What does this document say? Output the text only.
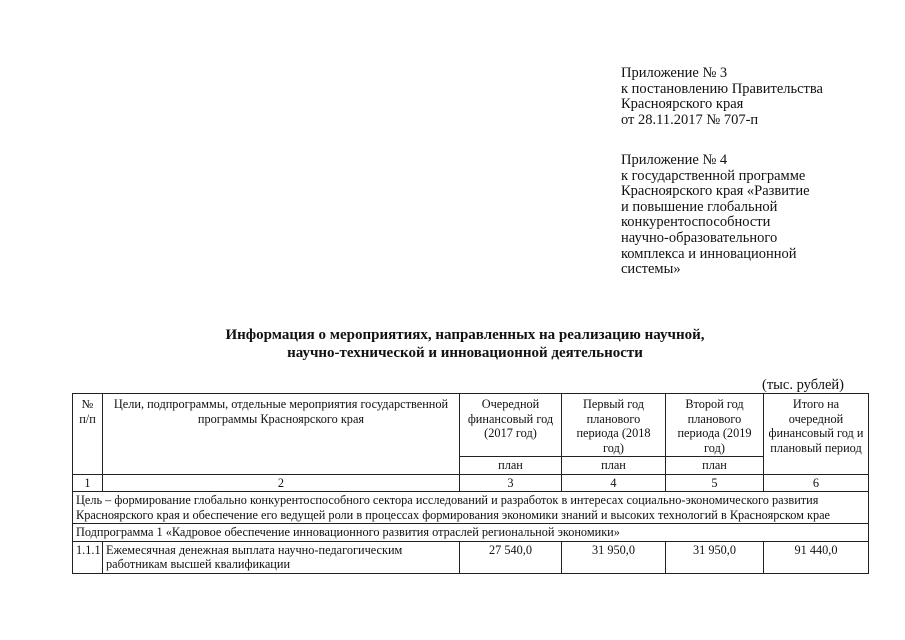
Приложение № 3
к постановлению Правительства
Красноярского края
от 28.11.2017 № 707-п
Приложение № 4
к государственной программе
Красноярского края «Развитие
и повышение глобальной
конкурентоспособности
научно-образовательного
комплекса и инновационной
системы»
Информация о мероприятиях, направленных на реализацию научной,
научно-технической и инновационной деятельности
(тыс. рублей)
№ п/п	Цели, подпрограммы, отдельные мероприятия государственной программы Красноярского края	Очередной финансовый год (2017 год)	Первый год планового периода (2018 год)	Второй год планового периода (2019 год)	Итого на очередной финансовый год и плановый период
		план	план	план	
1	2	3	4	5	6
Цель – формирование глобально конкурентоспособного сектора исследований и разработок в интересах социально-экономического развития Красноярского края и обеспечение его ведущей роли в процессах формирования экономики знаний и высоких технологий в Красноярском крае					
Подпрограмма 1 «Кадровое обеспечение инновационного развития отраслей региональной экономики»					
1.1.1	Ежемесячная денежная выплата научно-педагогическим работникам высшей квалификации	27 540,0	31 950,0	31 950,0	91 440,0
